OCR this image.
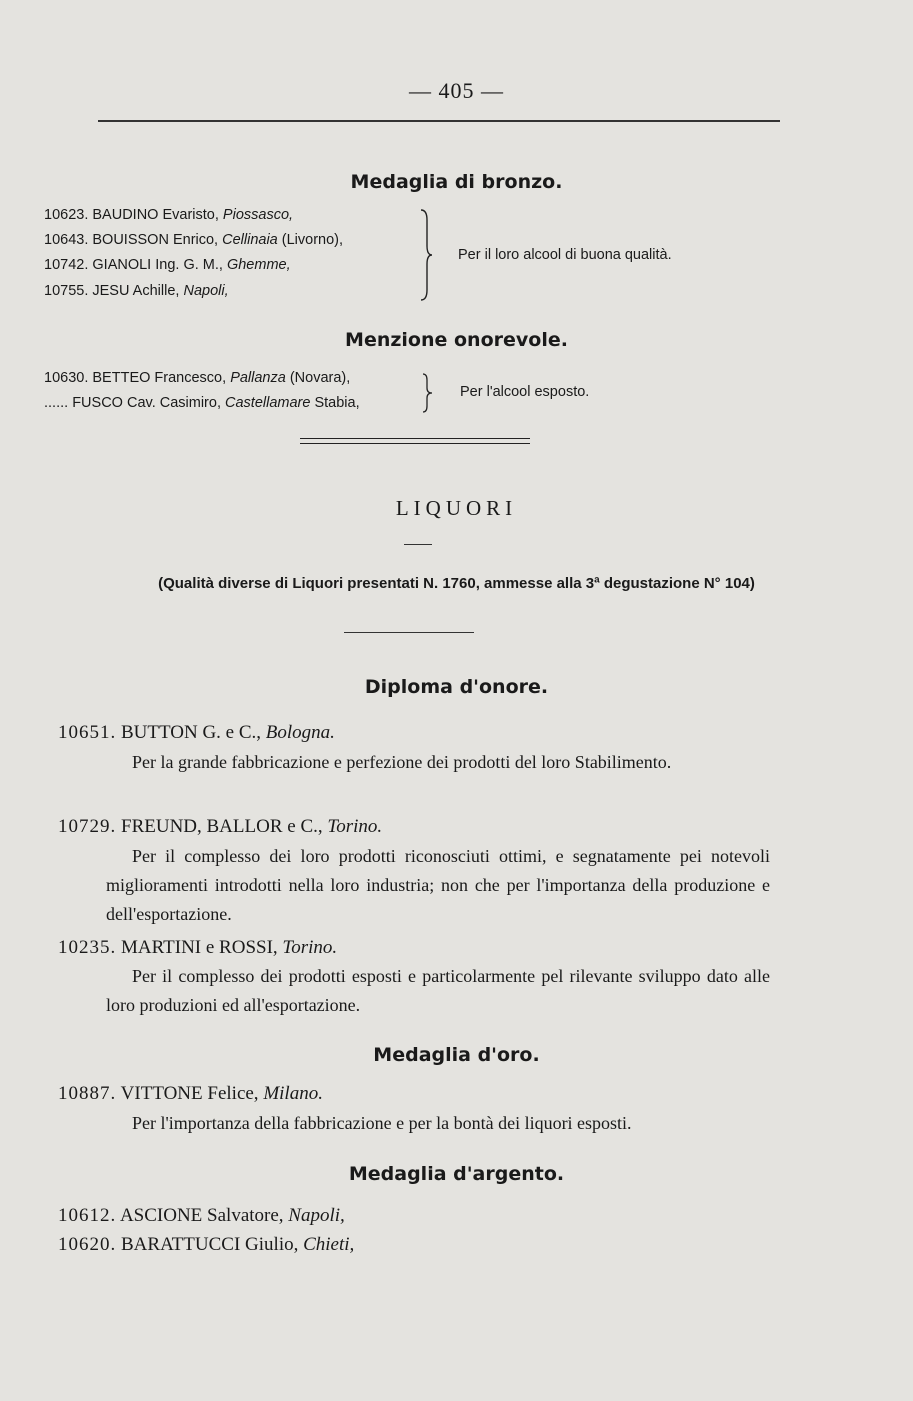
— 405 —
Medaglia di bronzo.
10623. BAUDINO Evaristo, Piossasco,
10643. BOUISSON Enrico, Cellinaia (Livorno),
10742. GIANOLI Ing. G. M., Ghemme,
10755. JESU Achille, Napoli,
Per il loro alcool di buona qualità.
Menzione onorevole.
10630. BETTEO Francesco, Pallanza (Novara),
...... FUSCO Cav. Casimiro, Castellamare Stabia,
Per l'alcool esposto.
LIQUORI
(Qualità diverse di Liquori presentati N. 1760, ammesse alla 3ª degustazione N° 104)
Diploma d'onore.
10651. BUTTON G. e C., Bologna.
Per la grande fabbricazione e perfezione dei prodotti del loro Stabilimento.
10729. FREUND, BALLOR e C., Torino.
Per il complesso dei loro prodotti riconosciuti ottimi, e segnatamente pei notevoli miglioramenti introdotti nella loro industria; non che per l'importanza della produzione e dell'esportazione.
10235. MARTINI e ROSSI, Torino.
Per il complesso dei prodotti esposti e particolarmente pel rilevante sviluppo dato alle loro produzioni ed all'esportazione.
Medaglia d'oro.
10887. VITTONE Felice, Milano.
Per l'importanza della fabbricazione e per la bontà dei liquori esposti.
Medaglia d'argento.
10612. ASCIONE Salvatore, Napoli,
10620. BARATTUCCI Giulio, Chieti,
